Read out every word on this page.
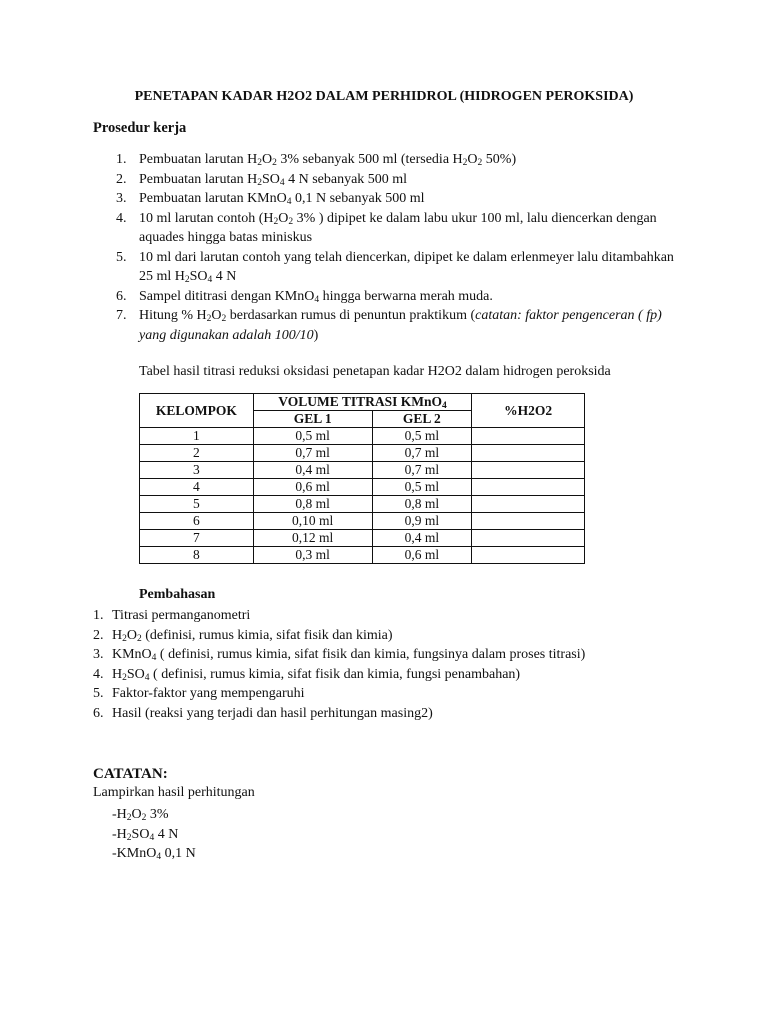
PENETAPAN KADAR H2O2 DALAM PERHIDROL (HIDROGEN PEROKSIDA)
Prosedur kerja
1. Pembuatan larutan $H_2O_2$ 3% sebanyak 500 ml (tersedia $H_2O_2$ 50%)
2. Pembuatan larutan $H_2SO_4$ 4 N sebanyak 500 ml
3. Pembuatan larutan KMnO$_4$ 0,1 N sebanyak 500 ml
4. 10 ml larutan contoh ($H_2O_2$ 3% ) dipipet ke dalam labu ukur 100 ml, lalu diencerkan dengan aquades hingga batas miniskus
5. 10 ml dari larutan contoh yang telah diencerkan, dipipet ke dalam erlenmeyer lalu ditambahkan 25 ml $H_2SO_4$ 4 N
6. Sampel dititrasi dengan KMnO$_4$ hingga berwarna merah muda.
7. Hitung % $H_2O_2$ berdasarkan rumus di penuntun praktikum (catatan: faktor pengenceran ( fp) yang digunakan adalah 100/10)
Tabel hasil titrasi reduksi oksidasi penetapan kadar H2O2 dalam hidrogen peroksida
KELOMPOK	VOLUME TITRASI KMnO$_4$		%H2O2
	GEL 1	GEL 2	
1	0,5 ml	0,5 ml	
2	0,7 ml	0,7 ml	
3	0,4 ml	0,7 ml	
4	0,6 ml	0,5 ml	
5	0,8 ml	0,8 ml	
6	0,10 ml	0,9 ml	
7	0,12 ml	0,4 ml	
8	0,3 ml	0,6 ml	
Pembahasan
1. Titrasi permanganometri
2. $H_2O_2$ (definisi, rumus kimia, sifat fisik dan kimia)
3. KMnO$_4$ ( definisi, rumus kimia, sifat fisik dan kimia, fungsinya dalam proses titrasi)
4. $H_2SO_4$ ( definisi, rumus kimia, sifat fisik dan kimia, fungsi penambahan)
5. Faktor-faktor yang mempengaruhi
6. Hasil (reaksi yang terjadi dan hasil perhitungan masing2)
CATATAN:
Lampirkan hasil perhitungan
$-H_2O_2$ 3%
$-H_2SO_4$ 4 N
-KMnO$_4$ 0,1 N
